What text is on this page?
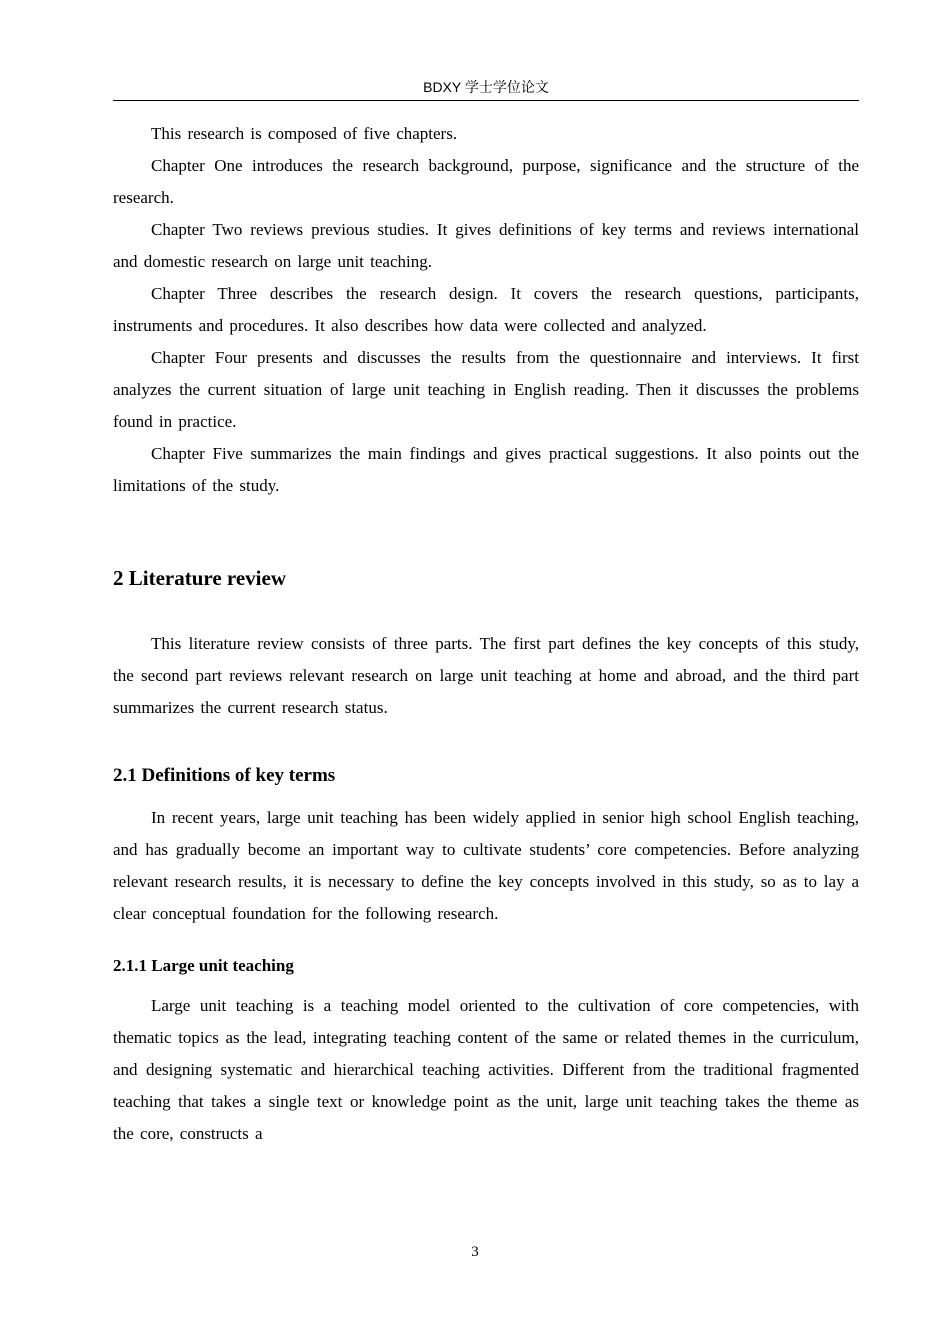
BDXY 学士学位论文

This research is composed of five chapters.

Chapter One introduces the research background, purpose, significance and the structure of the research.

Chapter Two reviews previous studies. It gives definitions of key terms and reviews international and domestic research on large unit teaching.

Chapter Three describes the research design. It covers the research questions, participants, instruments and procedures. It also describes how data were collected and analyzed.

Chapter Four presents and discusses the results from the questionnaire and interviews. It first analyzes the current situation of large unit teaching in English reading. Then it discusses the problems found in practice.

Chapter Five summarizes the main findings and gives practical suggestions. It also points out the limitations of the study.

2 Literature review

This literature review consists of three parts. The first part defines the key concepts of this study, the second part reviews relevant research on large unit teaching at home and abroad, and the third part summarizes the current research status.

2.1 Definitions of key terms

In recent years, large unit teaching has been widely applied in senior high school English teaching, and has gradually become an important way to cultivate students’ core competencies. Before analyzing relevant research results, it is necessary to define the key concepts involved in this study, so as to lay a clear conceptual foundation for the following research.

2.1.1 Large unit teaching

Large unit teaching is a teaching model oriented to the cultivation of core competencies, with thematic topics as the lead, integrating teaching content of the same or related themes in the curriculum, and designing systematic and hierarchical teaching activities. Different from the traditional fragmented teaching that takes a single text or knowledge point as the unit, large unit teaching takes the theme as the core, constructs a

3
